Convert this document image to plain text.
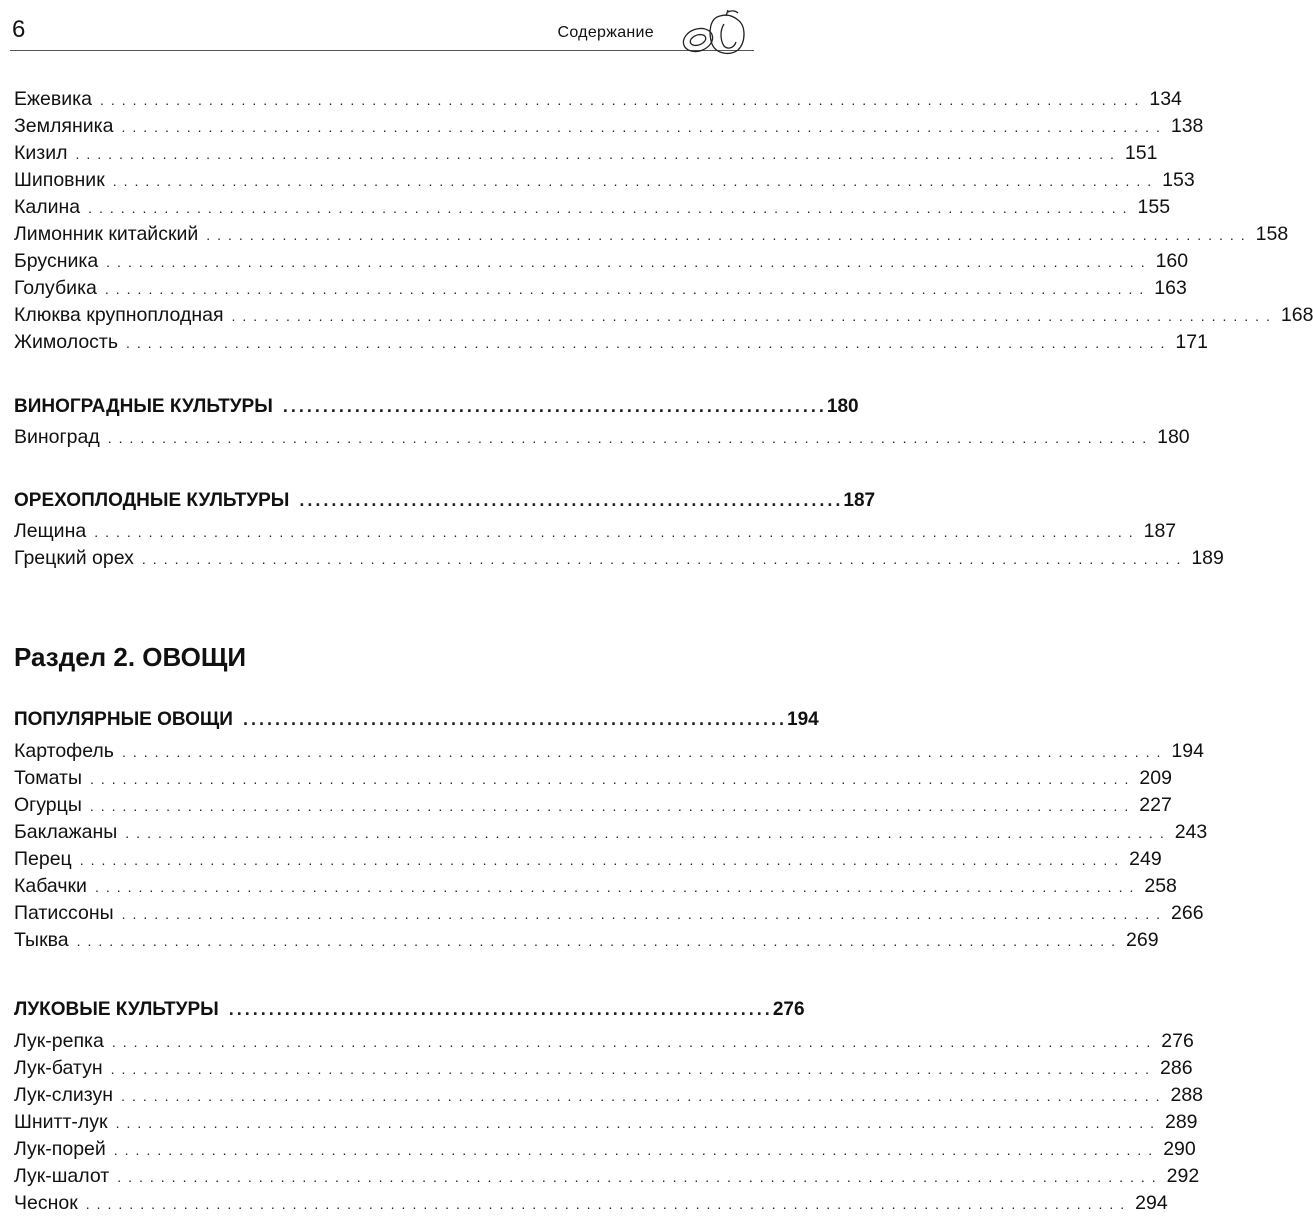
6	Содержание
Ежевика ................................................................................................ 134
Земляника ................................................................................................ 138
Кизил ................................................................................................ 151
Шиповник ................................................................................................ 153
Калина ................................................................................................ 155
Лимонник китайский ................................................................................................ 158
Брусника ................................................................................................ 160
Голубика ................................................................................................ 163
Клюква крупноплодная ................................................................................................ 168
Жимолость ................................................................................................ 171
ВИНОГРАДНЫЕ КУЛЬТУРЫ .................................................................... 180
Виноград ................................................................................................ 180
ОРЕХОПЛОДНЫЕ КУЛЬТУРЫ .................................................................... 187
Лещина ................................................................................................ 187
Грецкий орех ................................................................................................ 189
Раздел 2. ОВОЩИ
ПОПУЛЯРНЫЕ ОВОЩИ .................................................................... 194
Картофель ................................................................................................ 194
Томаты ................................................................................................ 209
Огурцы ................................................................................................ 227
Баклажаны ................................................................................................ 243
Перец ................................................................................................ 249
Кабачки ................................................................................................ 258
Патиссоны ................................................................................................ 266
Тыква ................................................................................................ 269
ЛУКОВЫЕ КУЛЬТУРЫ .................................................................... 276
Лук-репка ................................................................................................ 276
Лук-батун ................................................................................................ 286
Лук-слизун ................................................................................................ 288
Шнитт-лук ................................................................................................ 289
Лук-порей ................................................................................................ 290
Лук-шалот ................................................................................................ 292
Чеснок ................................................................................................ 294
